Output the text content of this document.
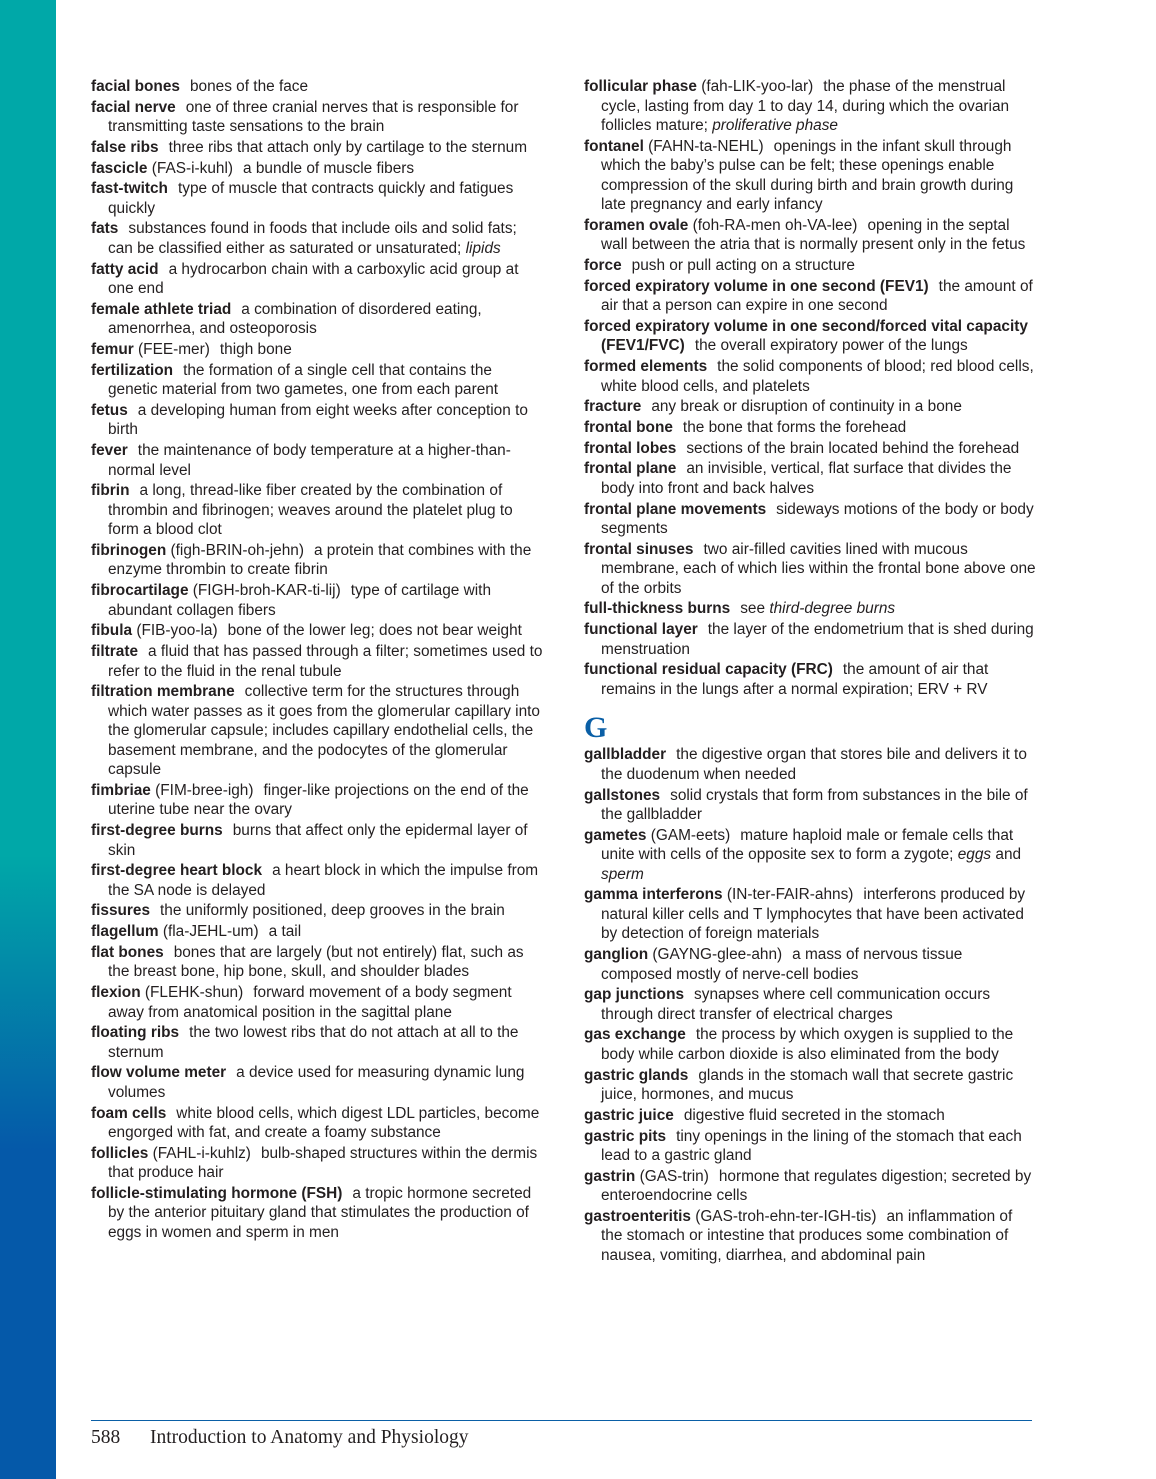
facial bones bones of the face
facial nerve one of three cranial nerves that is responsible for transmitting taste sensations to the brain
false ribs three ribs that attach only by cartilage to the sternum
fascicle (FAS-i-kuhl) a bundle of muscle fibers
fast-twitch type of muscle that contracts quickly and fatigues quickly
fats substances found in foods that include oils and solid fats; can be classified either as saturated or unsaturated; lipids
fatty acid a hydrocarbon chain with a carboxylic acid group at one end
female athlete triad a combination of disordered eating, amenorrhea, and osteoporosis
femur (FEE-mer) thigh bone
fertilization the formation of a single cell that contains the genetic material from two gametes, one from each parent
fetus a developing human from eight weeks after conception to birth
fever the maintenance of body temperature at a higher-than-normal level
fibrin a long, thread-like fiber created by the combination of thrombin and fibrinogen; weaves around the platelet plug to form a blood clot
fibrinogen (figh-BRIN-oh-jehn) a protein that combines with the enzyme thrombin to create fibrin
fibrocartilage (FIGH-broh-KAR-ti-lij) type of cartilage with abundant collagen fibers
fibula (FIB-yoo-la) bone of the lower leg; does not bear weight
filtrate a fluid that has passed through a filter; sometimes used to refer to the fluid in the renal tubule
filtration membrane collective term for the structures through which water passes as it goes from the glomerular capillary into the glomerular capsule; includes capillary endothelial cells, the basement membrane, and the podocytes of the glomerular capsule
fimbriae (FIM-bree-igh) finger-like projections on the end of the uterine tube near the ovary
first-degree burns burns that affect only the epidermal layer of skin
first-degree heart block a heart block in which the impulse from the SA node is delayed
fissures the uniformly positioned, deep grooves in the brain
flagellum (fla-JEHL-um) a tail
flat bones bones that are largely (but not entirely) flat, such as the breast bone, hip bone, skull, and shoulder blades
flexion (FLEHK-shun) forward movement of a body segment away from anatomical position in the sagittal plane
floating ribs the two lowest ribs that do not attach at all to the sternum
flow volume meter a device used for measuring dynamic lung volumes
foam cells white blood cells, which digest LDL particles, become engorged with fat, and create a foamy substance
follicles (FAHL-i-kuhlz) bulb-shaped structures within the dermis that produce hair
follicle-stimulating hormone (FSH) a tropic hormone secreted by the anterior pituitary gland that stimulates the production of eggs in women and sperm in men
follicular phase (fah-LIK-yoo-lar) the phase of the menstrual cycle, lasting from day 1 to day 14, during which the ovarian follicles mature; proliferative phase
fontanel (FAHN-ta-NEHL) openings in the infant skull through which the baby’s pulse can be felt; these openings enable compression of the skull during birth and brain growth during late pregnancy and early infancy
foramen ovale (foh-RA-men oh-VA-lee) opening in the septal wall between the atria that is normally present only in the fetus
force push or pull acting on a structure
forced expiratory volume in one second (FEV1) the amount of air that a person can expire in one second
forced expiratory volume in one second/forced vital capacity (FEV1/FVC) the overall expiratory power of the lungs
formed elements the solid components of blood; red blood cells, white blood cells, and platelets
fracture any break or disruption of continuity in a bone
frontal bone the bone that forms the forehead
frontal lobes sections of the brain located behind the forehead
frontal plane an invisible, vertical, flat surface that divides the body into front and back halves
frontal plane movements sideways motions of the body or body segments
frontal sinuses two air-filled cavities lined with mucous membrane, each of which lies within the frontal bone above one of the orbits
full-thickness burns see third-degree burns
functional layer the layer of the endometrium that is shed during menstruation
functional residual capacity (FRC) the amount of air that remains in the lungs after a normal expiration; ERV + RV
G
gallbladder the digestive organ that stores bile and delivers it to the duodenum when needed
gallstones solid crystals that form from substances in the bile of the gallbladder
gametes (GAM-eets) mature haploid male or female cells that unite with cells of the opposite sex to form a zygote; eggs and sperm
gamma interferons (IN-ter-FAIR-ahns) interferons produced by natural killer cells and T lymphocytes that have been activated by detection of foreign materials
ganglion (GAYNG-glee-ahn) a mass of nervous tissue composed mostly of nerve-cell bodies
gap junctions synapses where cell communication occurs through direct transfer of electrical charges
gas exchange the process by which oxygen is supplied to the body while carbon dioxide is also eliminated from the body
gastric glands glands in the stomach wall that secrete gastric juice, hormones, and mucus
gastric juice digestive fluid secreted in the stomach
gastric pits tiny openings in the lining of the stomach that each lead to a gastric gland
gastrin (GAS-trin) hormone that regulates digestion; secreted by enteroendocrine cells
gastroenteritis (GAS-troh-ehn-ter-IGH-tis) an inflammation of the stomach or intestine that produces some combination of nausea, vomiting, diarrhea, and abdominal pain
588 Introduction to Anatomy and Physiology
